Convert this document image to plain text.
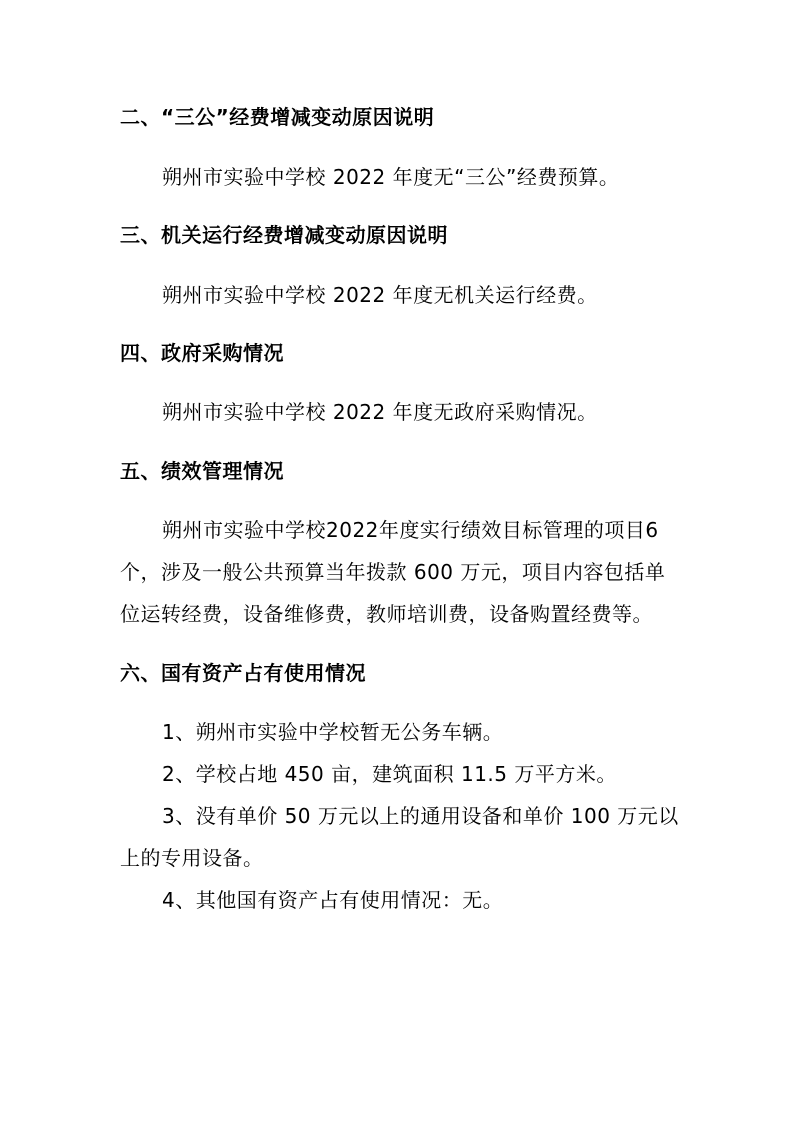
二、“三公”经费增减变动原因说明
朔州市实验中学校 2022 年度无“三公”经费预算。
三、机关运行经费增减变动原因说明
朔州市实验中学校 2022 年度无机关运行经费。
四、政府采购情况
朔州市实验中学校 2022 年度无政府采购情况。
五、绩效管理情况
朔州市实验中学校2022年度实行绩效目标管理的项目6
个，涉及一般公共预算当年拨款 600 万元，项目内容包括单
位运转经费，设备维修费，教师培训费，设备购置经费等。
六、国有资产占有使用情况
1、朔州市实验中学校暂无公务车辆。
2、学校占地 450 亩，建筑面积 11.5 万平方米。
3、没有单价 50 万元以上的通用设备和单价 100 万元以
上的专用设备。
4、其他国有资产占有使用情况：无。
